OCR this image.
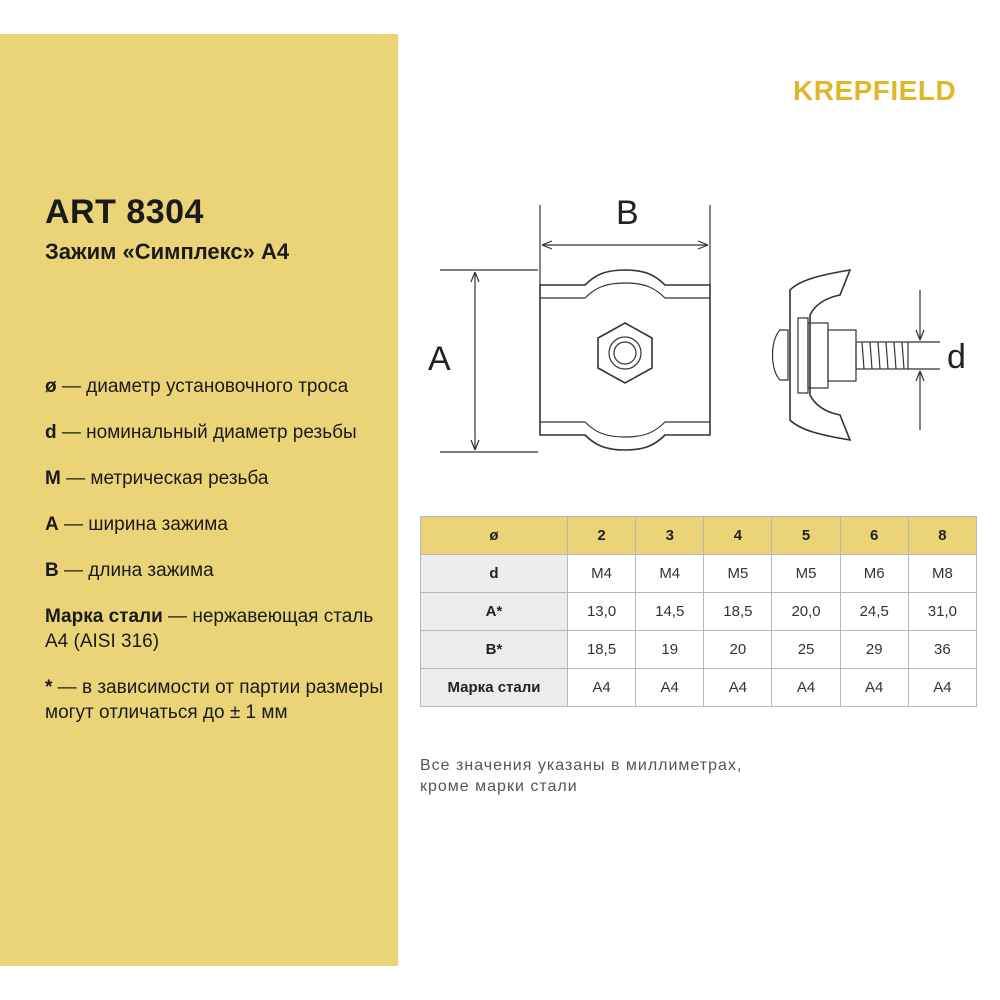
ART 8304
Зажим «Симплекс» А4
ø — диаметр установочного троса
d — номинальный диаметр резьбы
M — метрическая резьба
A — ширина зажима
B — длина зажима
Марка стали — нержавеющая сталь А4 (AISI 316)
* — в зависимости от партии размеры могут отличаться до ± 1 мм
KREPFIELD
B
A	d
ø	2	3	4	5	6	8
d	M4	M4	M5	M5	M6	M8
A*	13,0	14,5	18,5	20,0	24,5	31,0
B*	18,5	19	20	25	29	36
Марка стали	А4	А4	А4	А4	А4	А4
Все значения указаны в миллиметрах,
кроме марки стали
